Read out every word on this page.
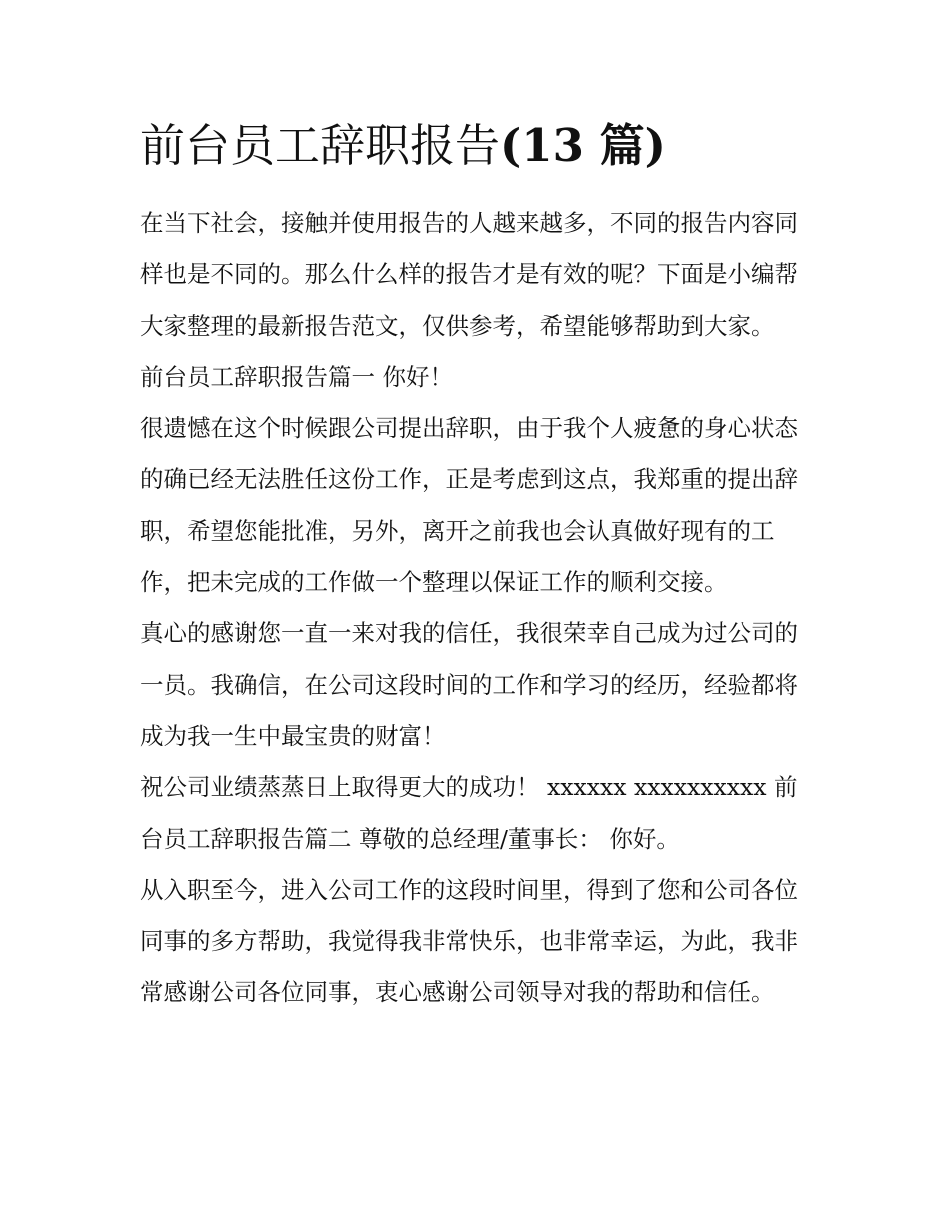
前台员工辞职报告(13 篇)

在当下社会，接触并使用报告的人越来越多，不同的报告内容同样也是不同的。那么什么样的报告才是有效的呢？下面是小编帮大家整理的最新报告范文，仅供参考，希望能够帮助到大家。

前台员工辞职报告篇一 你好！

很遗憾在这个时候跟公司提出辞职，由于我个人疲惫的身心状态的确已经无法胜任这份工作，正是考虑到这点，我郑重的提出辞职，希望您能批准，另外，离开之前我也会认真做好现有的工作，把未完成的工作做一个整理以保证工作的顺利交接。

真心的感谢您一直一来对我的信任，我很荣幸自己成为过公司的一员。我确信，在公司这段时间的工作和学习的经历，经验都将成为我一生中最宝贵的财富！

祝公司业绩蒸蒸日上取得更大的成功！ xxxxxx xxxxxxxxxx 前台员工辞职报告篇二 尊敬的总经理/董事长： 你好。

从入职至今，进入公司工作的这段时间里，得到了您和公司各位同事的多方帮助，我觉得我非常快乐，也非常幸运，为此，我非常感谢公司各位同事，衷心感谢公司领导对我的帮助和信任。
